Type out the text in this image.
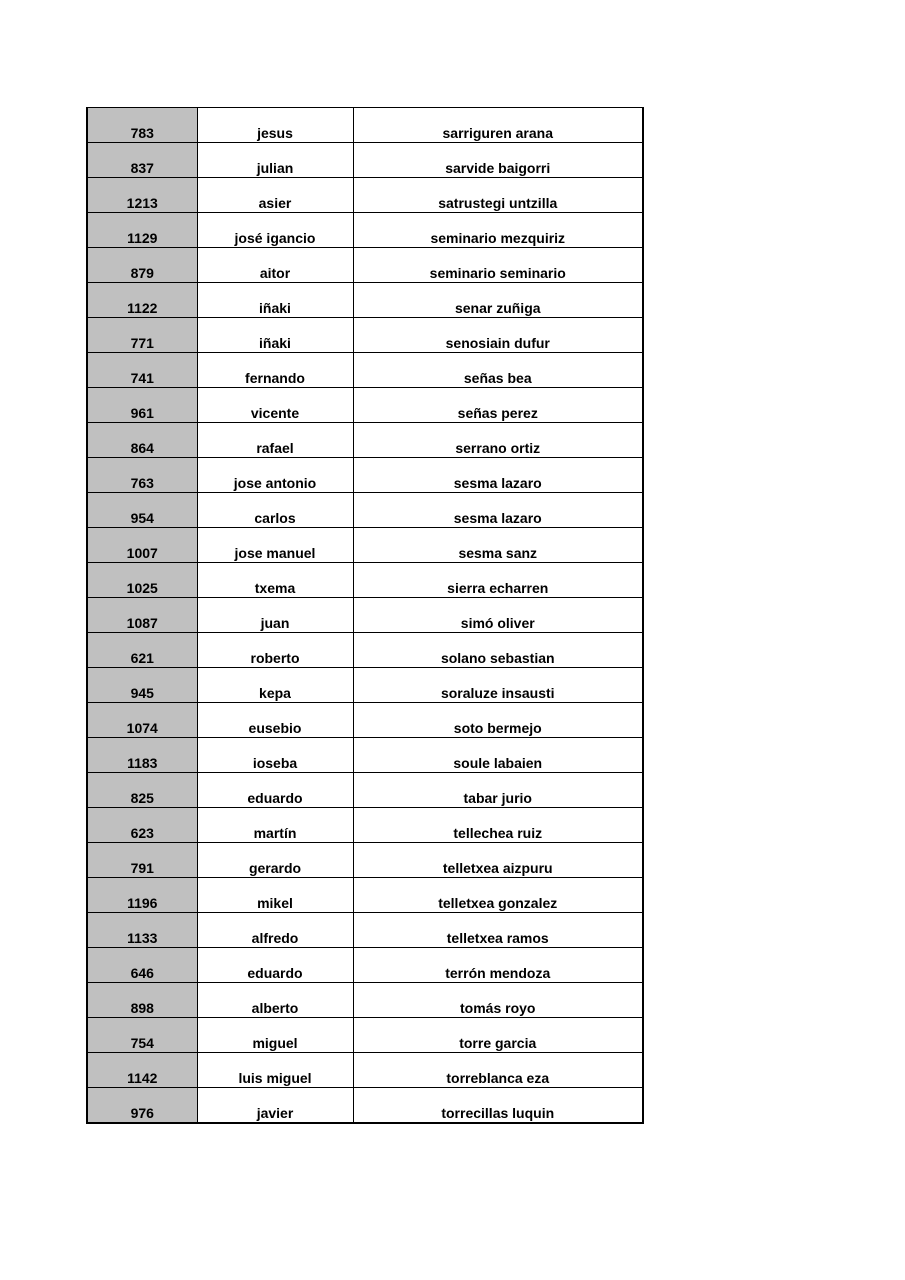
783	jesus	sarriguren arana
837	julian	sarvide baigorri
1213	asier	satrustegi untzilla
1129	josé igancio	seminario mezquiriz
879	aitor	seminario seminario
1122	iñaki	senar zuñiga
771	iñaki	senosiain dufur
741	fernando	señas bea
961	vicente	señas perez
864	rafael	serrano ortiz
763	jose antonio	sesma lazaro
954	carlos	sesma lazaro
1007	jose manuel	sesma sanz
1025	txema	sierra echarren
1087	juan	simó oliver
621	roberto	solano sebastian
945	kepa	soraluze insausti
1074	eusebio	soto bermejo
1183	ioseba	soule labaien
825	eduardo	tabar jurio
623	martín	tellechea ruiz
791	gerardo	telletxea aizpuru
1196	mikel	telletxea gonzalez
1133	alfredo	telletxea ramos
646	eduardo	terrón mendoza
898	alberto	tomás royo
754	miguel	torre garcia
1142	luis miguel	torreblanca eza
976	javier	torrecillas luquin
